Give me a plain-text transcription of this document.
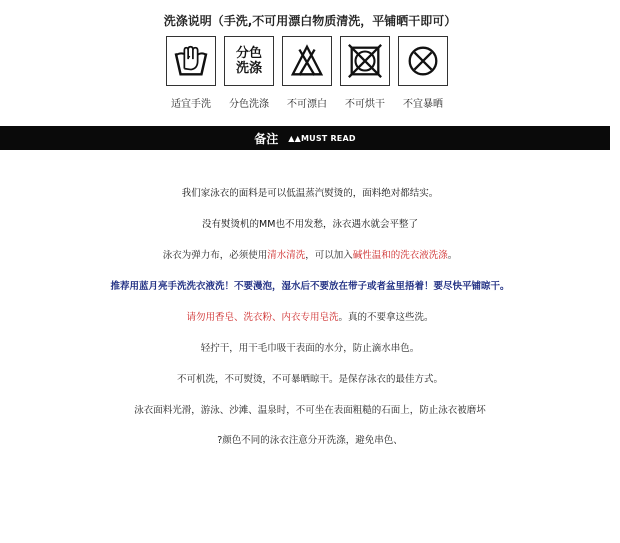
洗涤说明（手洗,不可用漂白物质清洗，平铺晒干即可）
适宜手洗
分色
洗涤
分色洗涤 不可漂白 不可烘干 不宜暴晒
备注 ▲▲MUST READ
我们家泳衣的面料是可以低温蒸汽熨烫的，面料绝对都结实。
没有熨烫机的MM也不用发愁，泳衣遇水就会平整了
泳衣为弹力布，必须使用清水清洗，可以加入碱性温和的洗衣液洗涤。
推荐用蓝月亮手洗洗衣液洗！不要漫泡，湿水后不要放在带子或者盆里捂着！要尽快平铺晾干。
请勿用香皂、洗衣粉、内衣专用皂洗。真的不要拿这些洗。
轻拧干，用干毛巾吸干表面的水分，防止滴水串色。
不可机洗，不可熨烫，不可暴晒晾干。是保存泳衣的最佳方式。
泳衣面料光滑，游泳、沙滩、温泉时，不可坐在表面粗糙的石面上，防止泳衣被磨坏
?颜色不同的泳衣注意分开洗涤，避免串色、
